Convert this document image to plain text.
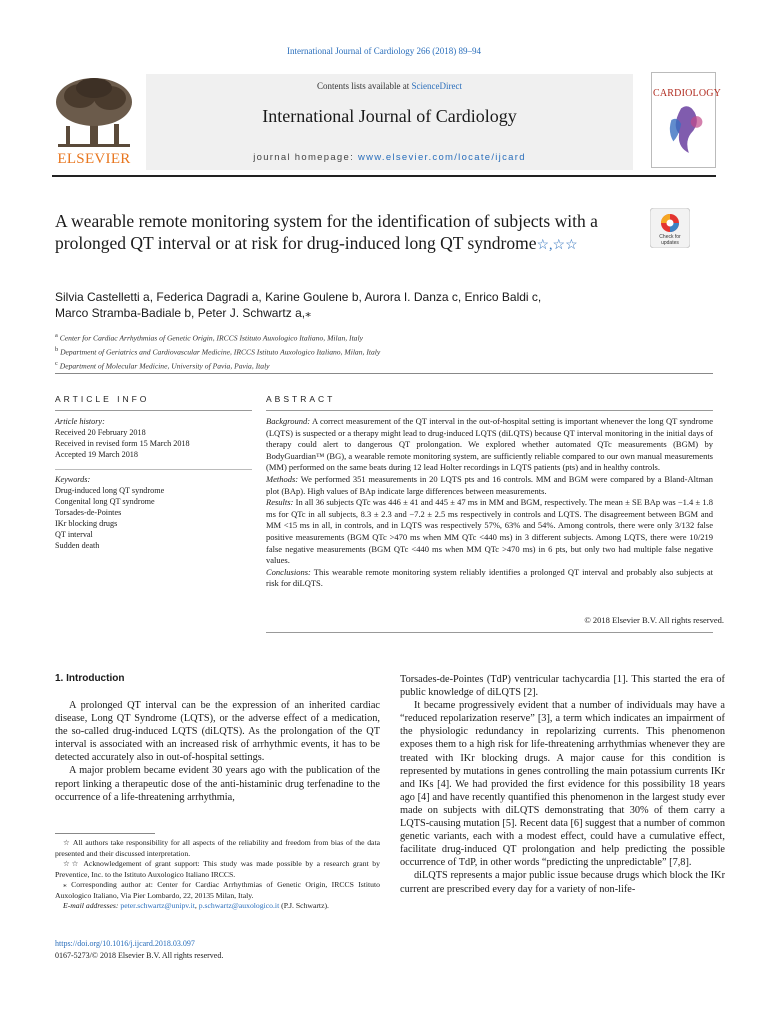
International Journal of Cardiology 266 (2018) 89–94
Contents lists available at ScienceDirect
International Journal of Cardiology
journal homepage: www.elsevier.com/locate/ijcard
ELSEVIER
CARDIOLOGY
A wearable remote monitoring system for the identification of subjects with a prolonged QT interval or at risk for drug-induced long QT syndrome☆,☆☆
Check for
updates
Silvia Castelletti a, Federica Dagradi a, Karine Goulene b, Aurora I. Danza c, Enrico Baldi c,
Marco Stramba-Badiale b, Peter J. Schwartz a,⁎
$^a$ Center for Cardiac Arrhythmias of Genetic Origin, IRCCS Istituto Auxologico Italiano, Milan, Italy
$^b$ Department of Geriatrics and Cardiovascular Medicine, IRCCS Istituto Auxologico Italiano, Milan, Italy
$^c$ Department of Molecular Medicine, University of Pavia, Pavia, Italy
ARTICLE INFO	ABSTRACT
Article history:
Received 20 February 2018
Received in revised form 15 March 2018
Accepted 19 March 2018
Keywords:
Drug-induced long QT syndrome
Congenital long QT syndrome
Torsades-de-Pointes
IKr blocking drugs
QT interval
Sudden death
Background: A correct measurement of the QT interval in the out-of-hospital setting is important whenever the long QT syndrome (LQTS) is suspected or a therapy might lead to drug-induced LQTS (diLQTS) because QT interval monitoring in the initial days of therapy could alert to dangerous QT prolongation. We explored whether automated QTc measurements (BGM) by BodyGuardian™ (BG), a wearable remote monitoring system, are sufficiently reliable compared to our own manual measurements (MM) performed on the same beats during 12 lead Holter recordings in LQTS patients (pts) and in healthy controls.
Methods: We performed 351 measurements in 20 LQTS pts and 16 controls. MM and BGM were compared by a Bland-Altman plot (BAp). High values of BAp indicate large differences between measurements.
Results: In all 36 subjects QTc was 446 ± 41 and 445 ± 47 ms in MM and BGM, respectively. The mean ± SE BAp was −1.4 ± 1.8 ms for QTc in all subjects, 8.3 ± 2.3 and −7.2 ± 2.5 ms respectively in controls and LQTS. The disagreement between BGM and MM <15 ms in all, in controls, and in LQTS was respectively 57%, 63% and 54%. Among controls, there were only 3/132 false positive measurements (BGM QTc >470 ms when MM QTc <440 ms) in 3 different subjects. Among LQTS, there were 10/219 false negative measurements (BGM QTc <440 ms when MM QTc >470 ms) in 6 pts, but only two had multiple false negative values.
Conclusions: This wearable remote monitoring system reliably identifies a prolonged QT interval and probably also subjects at risk for diLQTS.
© 2018 Elsevier B.V. All rights reserved.
1. Introduction

A prolonged QT interval can be the expression of an inherited cardiac disease, Long QT Syndrome (LQTS), or the adverse effect of a medication, the so-called drug-induced LQTS (diLQTS). As the prolongation of the QT interval is associated with an increased risk of arrhythmic events, it has to be detected accurately also in out-of-hospital settings.

A major problem became evident 30 years ago with the publication of the report linking a therapeutic dose of the anti-histaminic drug terfenadine to the occurrence of a life-threatening arrhythmia,

Torsades-de-Pointes (TdP) ventricular tachycardia [1]. This started the era of public knowledge of diLQTS [2].

It became progressively evident that a number of individuals may have a “reduced repolarization reserve” [3], a term which indicates an impairment of the physiologic redundancy in repolarizing currents. This phenomenon exposes them to a high risk for life-threatening arrhythmias whenever they are treated with IKr blocking drugs. A major cause for this condition is represented by mutations in genes controlling the main potassium currents IKr and IKs [4]. We had provided the first evidence for this possibility 18 years ago [4] and have recently quantified this phenomenon in the largest study ever made on subjects with diLQTS demonstrating that 30% of them carry a LQTS-causing mutation [5]. Recent data [6] suggest that a number of common genetic variants, each with a modest effect, could have a cumulative effect, facilitate drug-induced QT prolongation and help predicting the possible occurrence of TdP, in other words “predicting the unpredictable” [7,8].

diLQTS represents a major public issue because drugs which block the IKr current are prescribed every day for a variety of non-life-

☆ All authors take responsibility for all aspects of the reliability and freedom from bias of the data presented and their discussed interpretation.

☆☆ Acknowledgement of grant support: This study was made possible by a research grant by Preventice, Inc. to the Istituto Auxologico Italiano IRCCS.

⁎ Corresponding author at: Center for Cardiac Arrhythmias of Genetic Origin, IRCCS Istituto Auxologico Italiano, Via Pier Lombardo, 22, 20135 Milan, Italy.

E-mail addresses: peter.schwartz@unipv.it, p.schwartz@auxologico.it (P.J. Schwartz).

https://doi.org/10.1016/j.ijcard.2018.03.097
0167-5273/© 2018 Elsevier B.V. All rights reserved.
